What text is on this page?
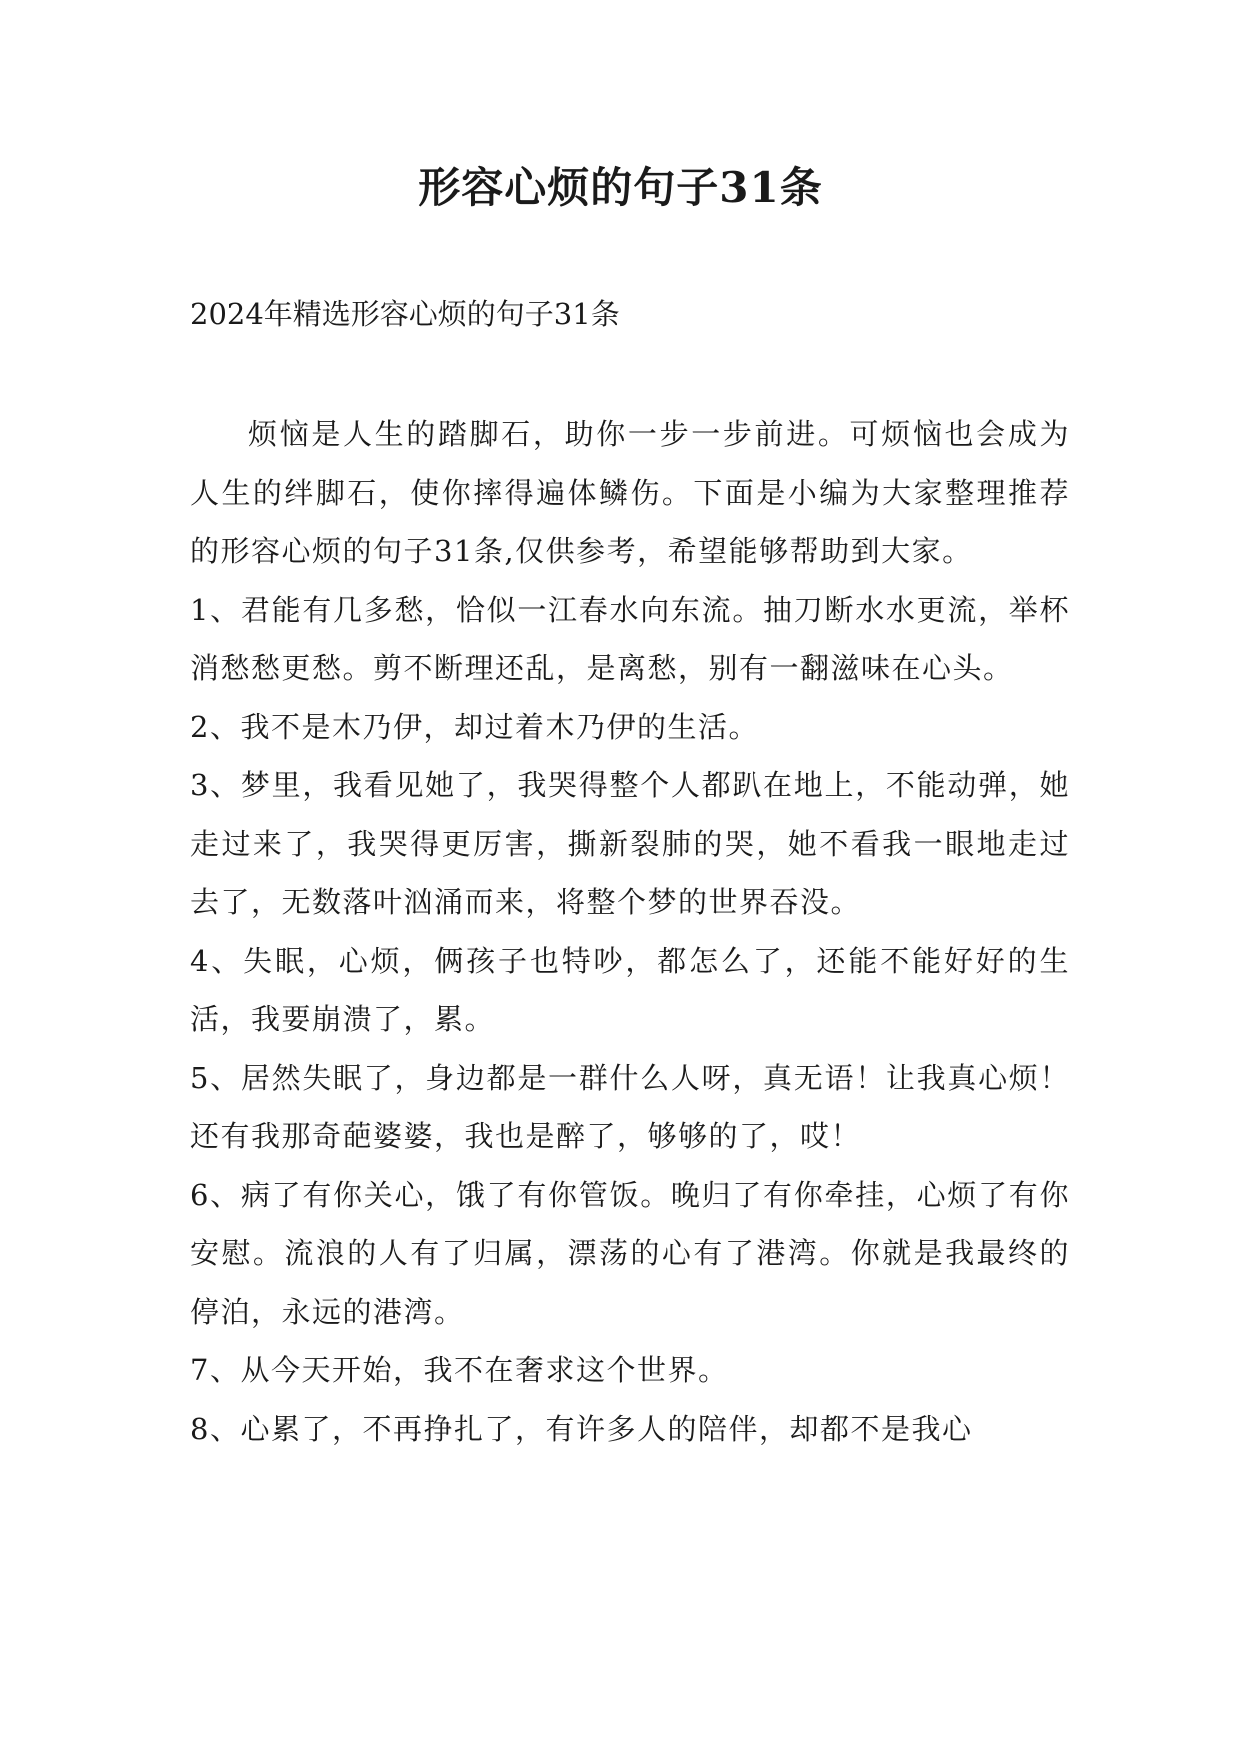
形容心烦的句子31条

2024年精选形容心烦的句子31条

烦恼是人生的踏脚石，助你一步一步前进。可烦恼也会成为人生的绊脚石，使你摔得遍体鳞伤。下面是小编为大家整理推荐的形容心烦的句子31条,仅供参考，希望能够帮助到大家。

1、君能有几多愁，恰似一江春水向东流。抽刀断水水更流，举杯消愁愁更愁。剪不断理还乱，是离愁，别有一翻滋味在心头。

2、我不是木乃伊，却过着木乃伊的生活。

3、梦里，我看见她了，我哭得整个人都趴在地上，不能动弹，她走过来了，我哭得更厉害，撕新裂肺的哭，她不看我一眼地走过去了，无数落叶汹涌而来，将整个梦的世界吞没。

4、失眠，心烦，俩孩子也特吵，都怎么了，还能不能好好的生活，我要崩溃了，累。

5、居然失眠了，身边都是一群什么人呀，真无语！让我真心烦！还有我那奇葩婆婆，我也是醉了，够够的了，哎！

6、病了有你关心，饿了有你管饭。晚归了有你牵挂，心烦了有你安慰。流浪的人有了归属，漂荡的心有了港湾。你就是我最终的停泊，永远的港湾。

7、从今天开始，我不在奢求这个世界。

8、心累了，不再挣扎了，有许多人的陪伴，却都不是我心
